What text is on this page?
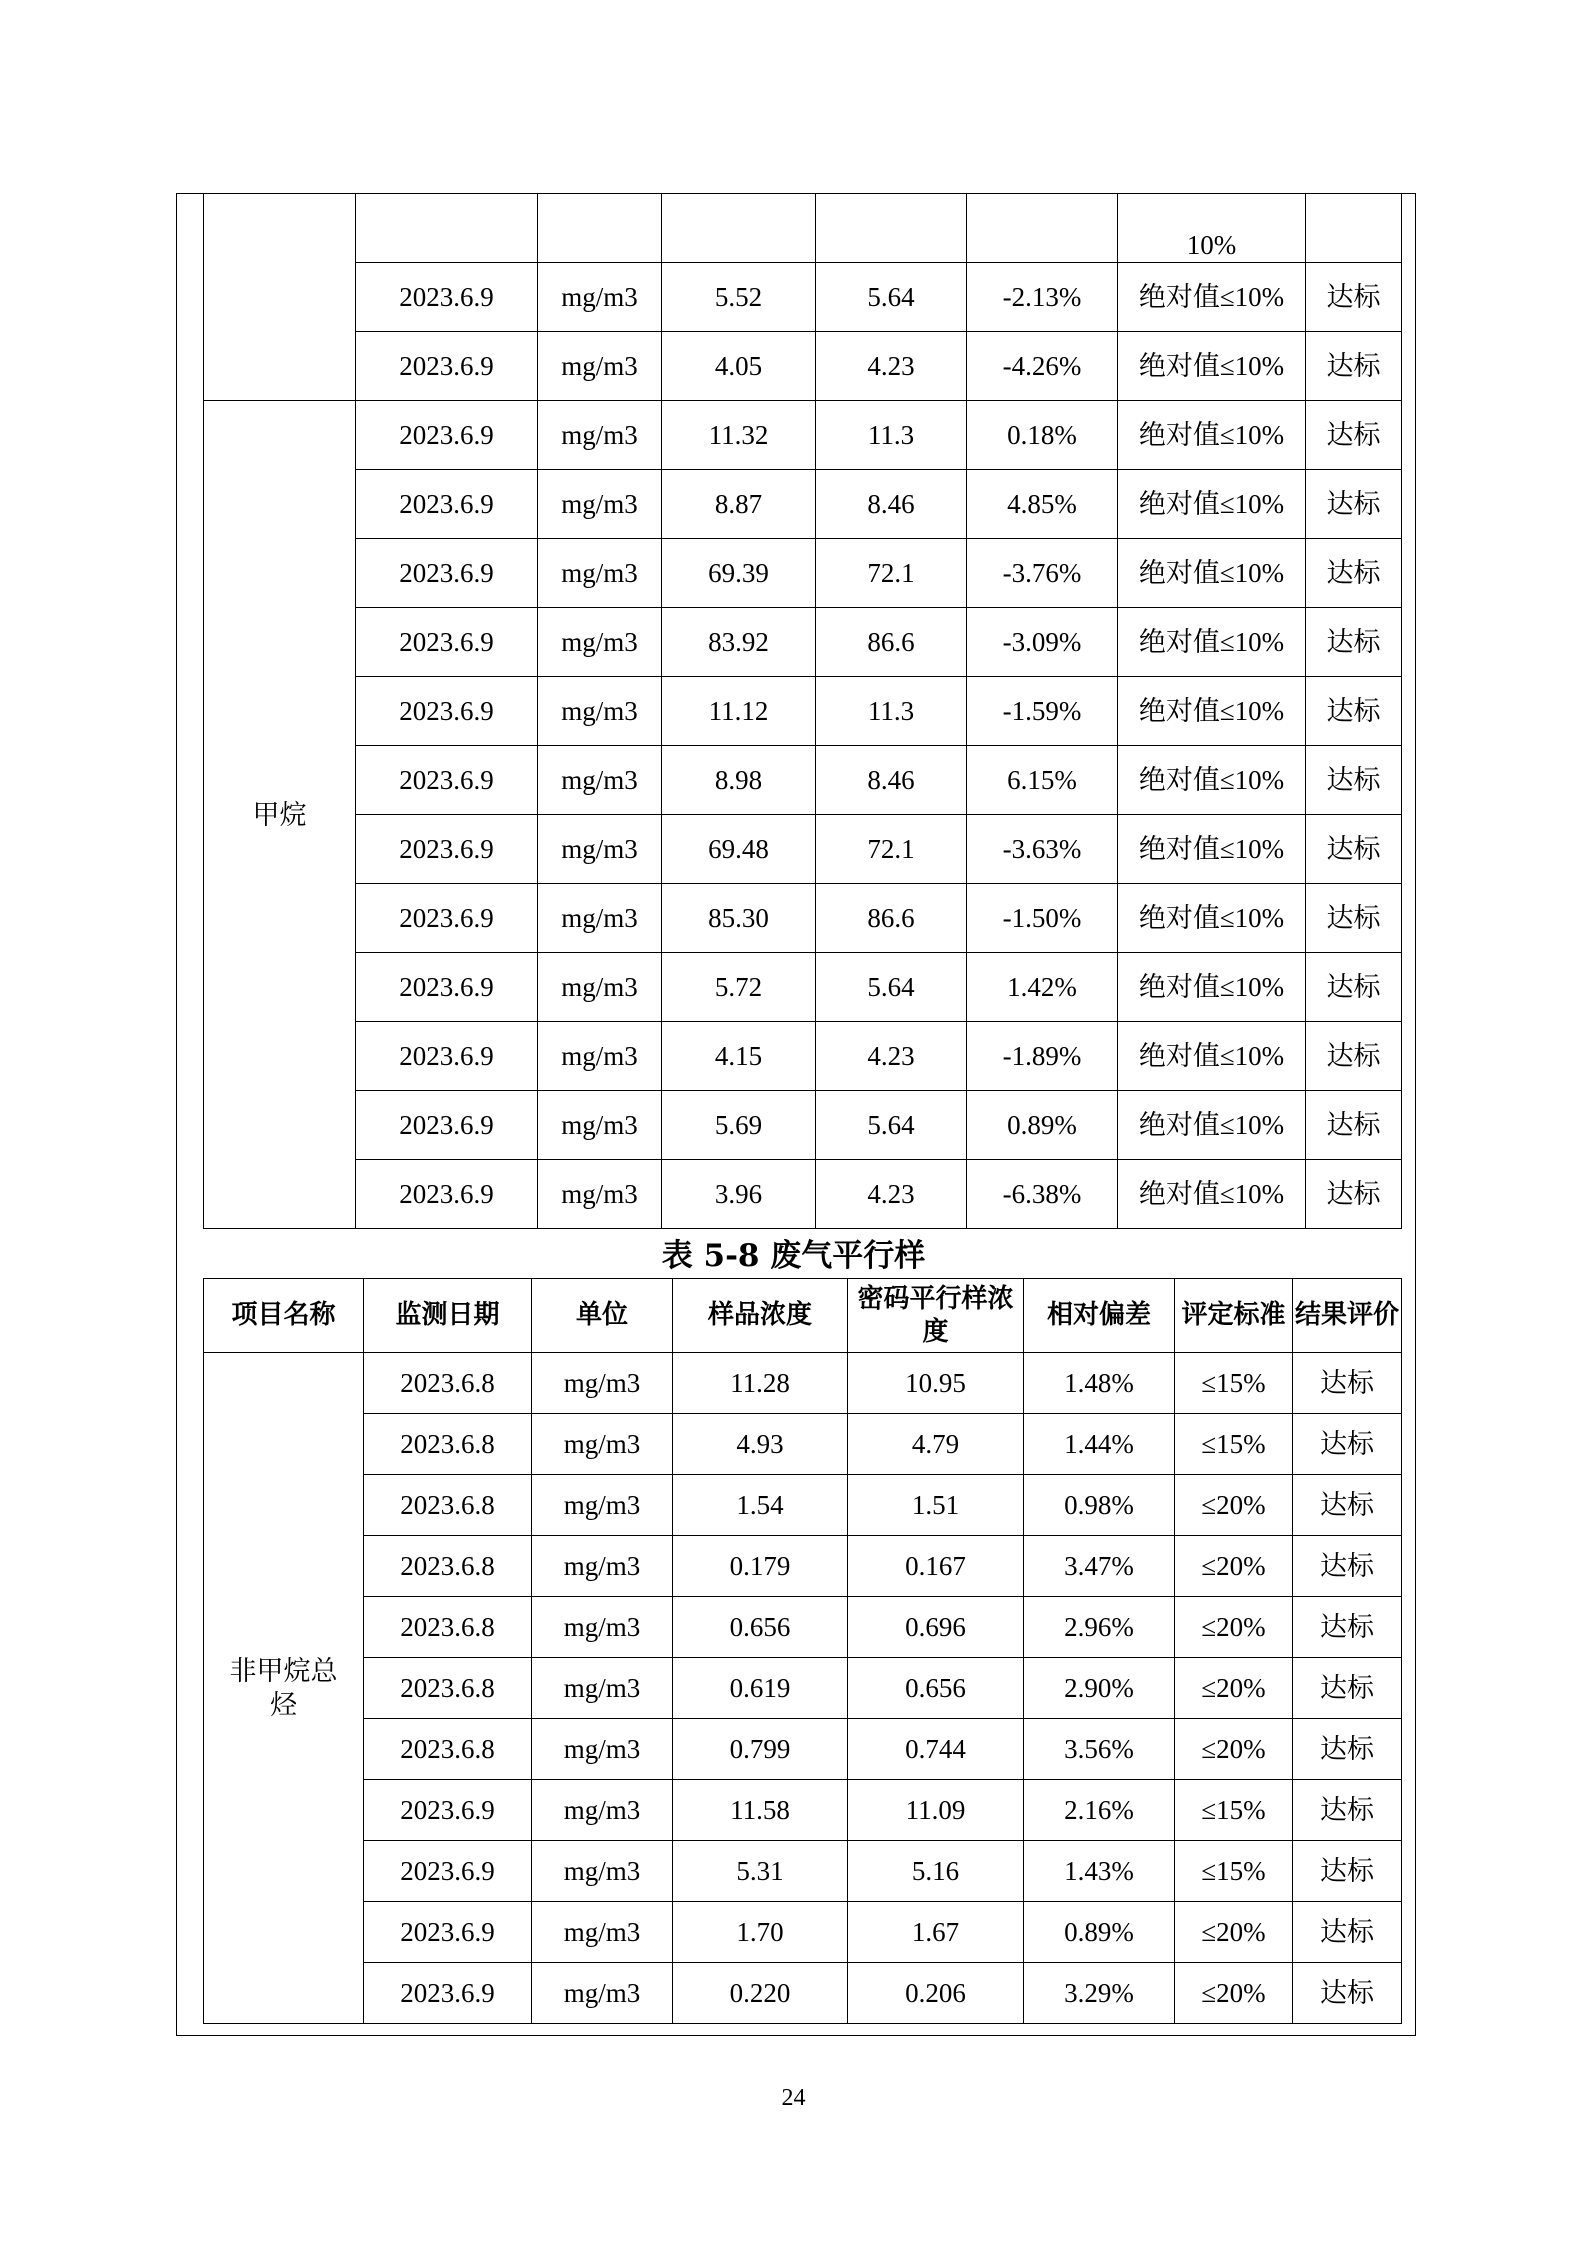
						10%	
	2023.6.9	mg/m3	5.52	5.64	-2.13%	绝对值≤10%	达标
	2023.6.9	mg/m3	4.05	4.23	-4.26%	绝对值≤10%	达标
甲烷	2023.6.9	mg/m3	11.32	11.3	0.18%	绝对值≤10%	达标
	2023.6.9	mg/m3	8.87	8.46	4.85%	绝对值≤10%	达标
	2023.6.9	mg/m3	69.39	72.1	-3.76%	绝对值≤10%	达标
	2023.6.9	mg/m3	83.92	86.6	-3.09%	绝对值≤10%	达标
	2023.6.9	mg/m3	11.12	11.3	-1.59%	绝对值≤10%	达标
	2023.6.9	mg/m3	8.98	8.46	6.15%	绝对值≤10%	达标
	2023.6.9	mg/m3	69.48	72.1	-3.63%	绝对值≤10%	达标
	2023.6.9	mg/m3	85.30	86.6	-1.50%	绝对值≤10%	达标
	2023.6.9	mg/m3	5.72	5.64	1.42%	绝对值≤10%	达标
	2023.6.9	mg/m3	4.15	4.23	-1.89%	绝对值≤10%	达标
	2023.6.9	mg/m3	5.69	5.64	0.89%	绝对值≤10%	达标
	2023.6.9	mg/m3	3.96	4.23	-6.38%	绝对值≤10%	达标
表 5-8 废气平行样
项目名称	监测日期	单位	样品浓度	密码平行样浓度	相对偏差	评定标准	结果评价
非甲烷总烃	2023.6.8	mg/m3	11.28	10.95	1.48%	≤15%	达标
	2023.6.8	mg/m3	4.93	4.79	1.44%	≤15%	达标
	2023.6.8	mg/m3	1.54	1.51	0.98%	≤20%	达标
	2023.6.8	mg/m3	0.179	0.167	3.47%	≤20%	达标
	2023.6.8	mg/m3	0.656	0.696	2.96%	≤20%	达标
	2023.6.8	mg/m3	0.619	0.656	2.90%	≤20%	达标
	2023.6.8	mg/m3	0.799	0.744	3.56%	≤20%	达标
	2023.6.9	mg/m3	11.58	11.09	2.16%	≤15%	达标
	2023.6.9	mg/m3	5.31	5.16	1.43%	≤15%	达标
	2023.6.9	mg/m3	1.70	1.67	0.89%	≤20%	达标
	2023.6.9	mg/m3	0.220	0.206	3.29%	≤20%	达标
24
